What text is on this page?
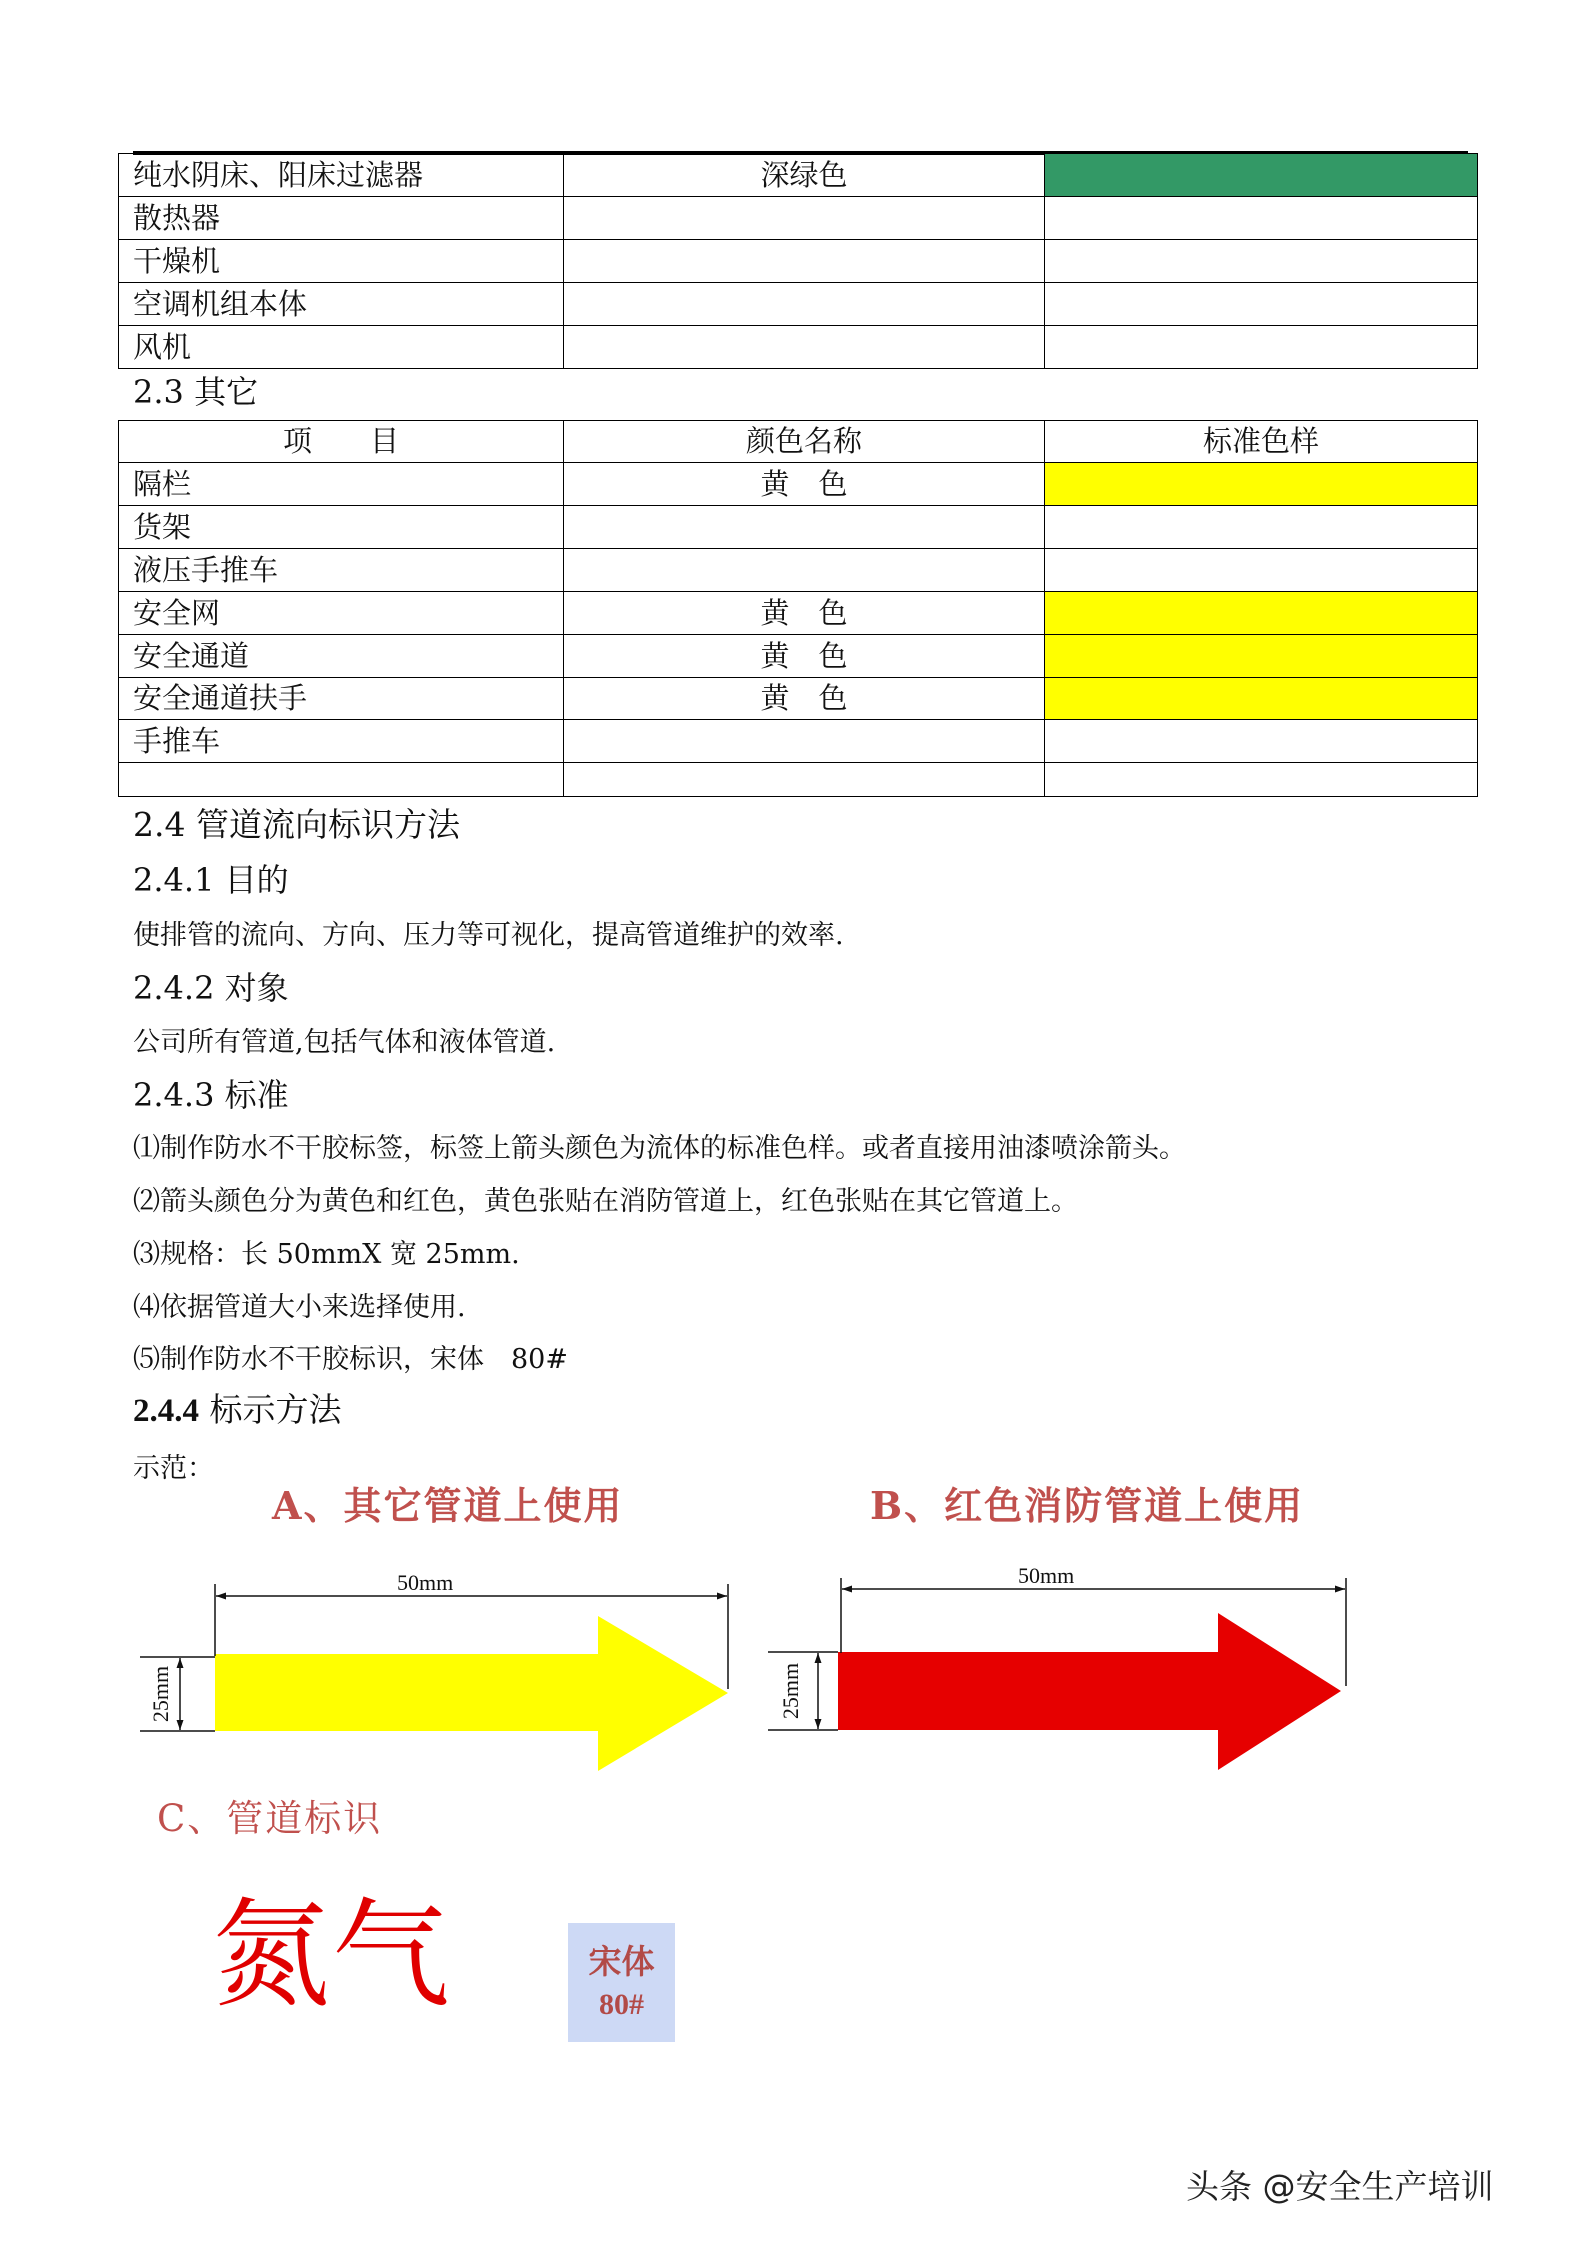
纯水阴床、阳床过滤器	深绿色	
散热器		
干燥机		
空调机组本体		
风机		
2.3 其它
项　　目	颜色名称	标准色样
隔栏	黄　色	
货架		
液压手推车		
安全网	黄　色	
安全通道	黄　色	
安全通道扶手	黄　色	
手推车		

2.4 管道流向标识方法
2.4.1 目的
使排管的流向、方向、压力等可视化，提高管道维护的效率.
2.4.2 对象
公司所有管道,包括气体和液体管道.
2.4.3 标准
⑴制作防水不干胶标签，标签上箭头颜色为流体的标准色样。或者直接用油漆喷涂箭头。
⑵箭头颜色分为黄色和红色，黄色张贴在消防管道上，红色张贴在其它管道上。
⑶规格：长 50mmX 宽 25mm.
⑷依据管道大小来选择使用.
⑸制作防水不干胶标识，宋体　80#
2.4.4 标示方法
示范：
A、其它管道上使用	B、红色消防管道上使用
50mm
25mm
50mm
25mm
C、管道标识
氮气	宋体
80#
头条 @安全生产培训
